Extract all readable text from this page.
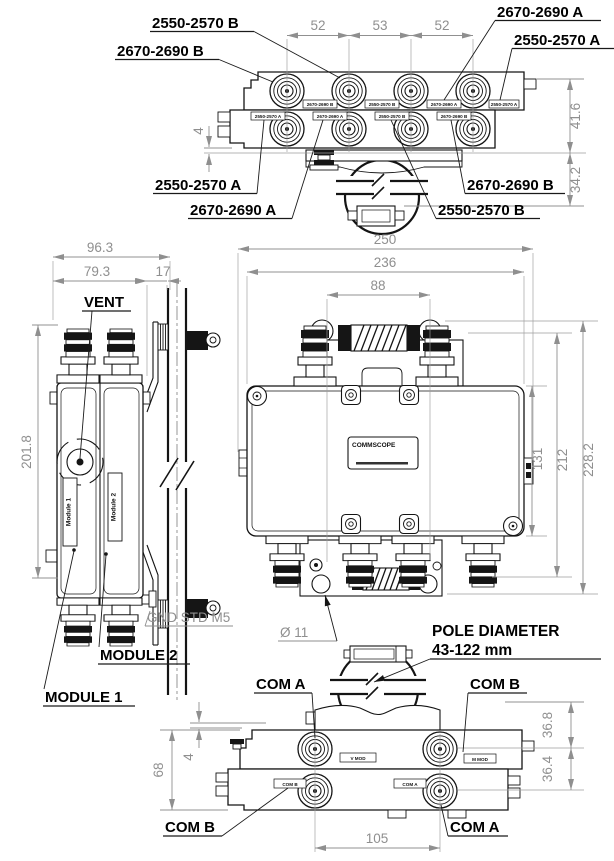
2670-2690 B	2550-2570 B	2670-2690 A	2550-2570 A
2550-2570 A	2670-2690 A	2550-2570 B	2670-2690 B
52	53	52
4
41.6
34.2
2550-2570 B
2670-2690 B
2670-2690 A
2550-2570 A
2550-2570 A
2670-2690 A
2670-2690 B
2550-2570 B
Module 1	Module 2
96.3
79.3	17
201.8
VENT
GND STD M5
MODULE 2
MODULE 1
COMMSCOPE
250
236
88
131 212 228.2
Ø 11
V MOD	M MOD
COM B	COM A
68
4
36.8
36.4
105
POLE DIAMETER
43-122 mm
COM A	COM B
COM B	COM A
